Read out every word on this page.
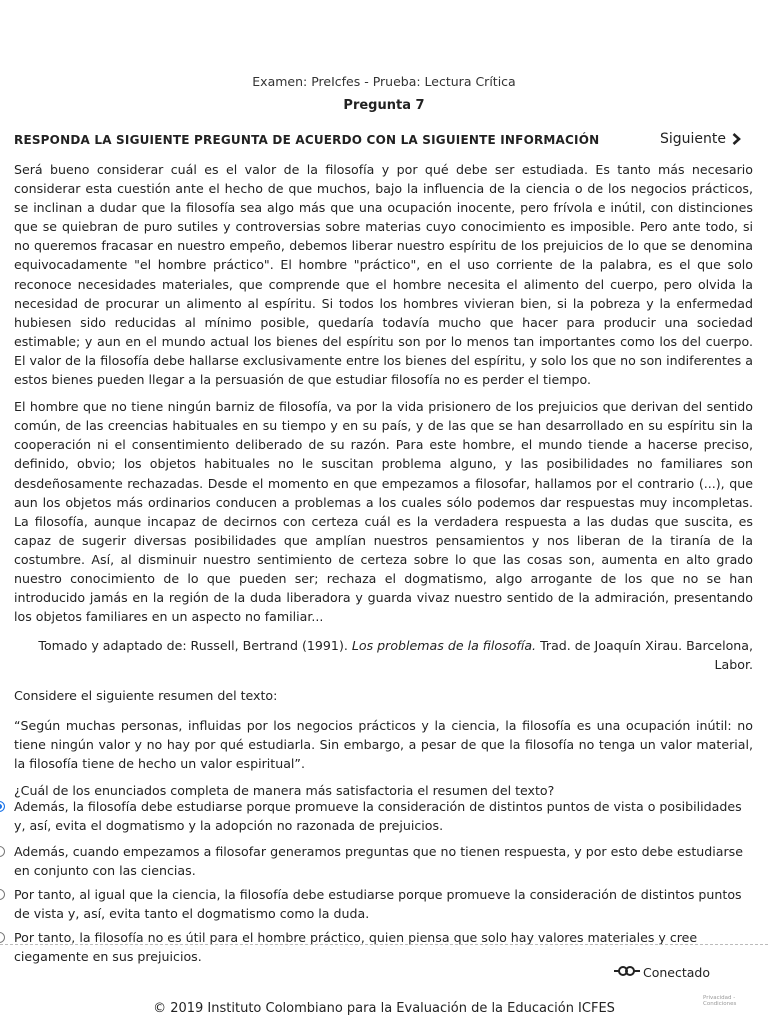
Examen: PreIcfes - Prueba: Lectura Crítica
Pregunta 7
RESPONDA LA SIGUIENTE PREGUNTA DE ACUERDO CON LA SIGUIENTE INFORMACIÓN	Siguiente

Será bueno considerar cuál es el valor de la filosofía y por qué debe ser estudiada. Es tanto más necesario considerar esta cuestión ante el hecho de que muchos, bajo la influencia de la ciencia o de los negocios prácticos, se inclinan a dudar que la filosofía sea algo más que una ocupación inocente, pero frívola e inútil, con distinciones que se quiebran de puro sutiles y controversias sobre materias cuyo conocimiento es imposible. Pero ante todo, si no queremos fracasar en nuestro empeño, debemos liberar nuestro espíritu de los prejuicios de lo que se denomina equivocadamente "el hombre práctico". El hombre "práctico", en el uso corriente de la palabra, es el que solo reconoce necesidades materiales, que comprende que el hombre necesita el alimento del cuerpo, pero olvida la necesidad de procurar un alimento al espíritu. Si todos los hombres vivieran bien, si la pobreza y la enfermedad hubiesen sido reducidas al mínimo posible, quedaría todavía mucho que hacer para producir una sociedad estimable; y aun en el mundo actual los bienes del espíritu son por lo menos tan importantes como los del cuerpo. El valor de la filosofía debe hallarse exclusivamente entre los bienes del espíritu, y solo los que no son indiferentes a estos bienes pueden llegar a la persuasión de que estudiar filosofía no es perder el tiempo.

El hombre que no tiene ningún barniz de filosofía, va por la vida prisionero de los prejuicios que derivan del sentido común, de las creencias habituales en su tiempo y en su país, y de las que se han desarrollado en su espíritu sin la cooperación ni el consentimiento deliberado de su razón. Para este hombre, el mundo tiende a hacerse preciso, definido, obvio; los objetos habituales no le suscitan problema alguno, y las posibilidades no familiares son desdeñosamente rechazadas. Desde el momento en que empezamos a filosofar, hallamos por el contrario (...), que aun los objetos más ordinarios conducen a problemas a los cuales sólo podemos dar respuestas muy incompletas. La filosofía, aunque incapaz de decirnos con certeza cuál es la verdadera respuesta a las dudas que suscita, es capaz de sugerir diversas posibilidades que amplían nuestros pensamientos y nos liberan de la tiranía de la costumbre. Así, al disminuir nuestro sentimiento de certeza sobre lo que las cosas son, aumenta en alto grado nuestro conocimiento de lo que pueden ser; rechaza el dogmatismo, algo arrogante de los que no se han introducido jamás en la región de la duda liberadora y guarda vivaz nuestro sentido de la admiración, presentando los objetos familiares en un aspecto no familiar...

Tomado y adaptado de: Russell, Bertrand (1991). Los problemas de la filosofía. Trad. de Joaquín Xirau. Barcelona, Labor.

Considere el siguiente resumen del texto:

“Según muchas personas, influidas por los negocios prácticos y la ciencia, la filosofía es una ocupación inútil: no tiene ningún valor y no hay por qué estudiarla. Sin embargo, a pesar de que la filosofía no tenga un valor material, la filosofía tiene de hecho un valor espiritual”.

¿Cuál de los enunciados completa de manera más satisfactoria el resumen del texto?

Además, la filosofía debe estudiarse porque promueve la consideración de distintos puntos de vista o posibilidades y, así, evita el dogmatismo y la adopción no razonada de prejuicios.
Además, cuando empezamos a filosofar generamos preguntas que no tienen respuesta, y por esto debe estudiarse en conjunto con las ciencias.
Por tanto, al igual que la ciencia, la filosofía debe estudiarse porque promueve la consideración de distintos puntos de vista y, así, evita tanto el dogmatismo como la duda.
Por tanto, la filosofía no es útil para el hombre práctico, quien piensa que solo hay valores materiales y cree ciegamente en sus prejuicios.
Conectado
Privacidad - Condiciones
© 2019 Instituto Colombiano para la Evaluación de la Educación ICFES
